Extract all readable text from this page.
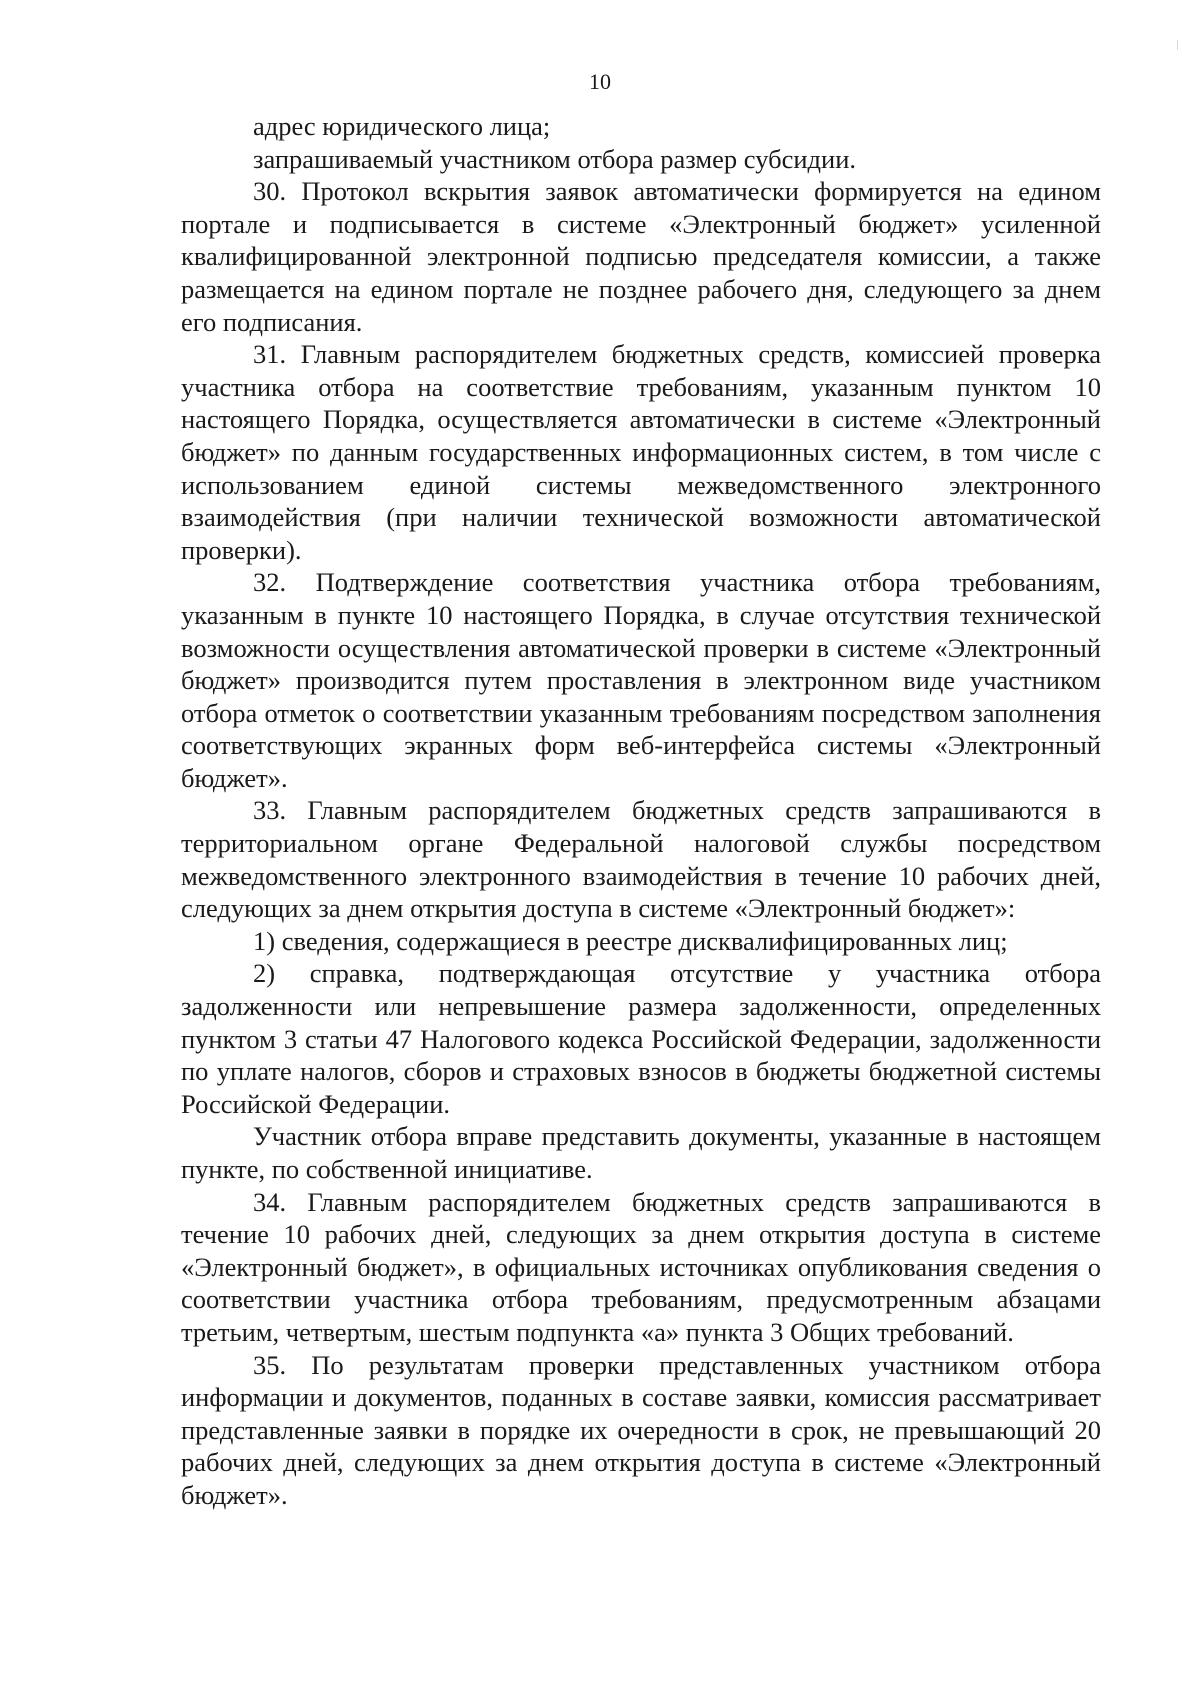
10

адрес юридического лица;

запрашиваемый участником отбора размер субсидии.

30. Протокол вскрытия заявок автоматически формируется на едином портале и подписывается в системе «Электронный бюджет» усиленной квалифицированной электронной подписью председателя комиссии, а также размещается на едином портале не позднее рабочего дня, следующего за днем его подписания.

31. Главным распорядителем бюджетных средств, комиссией проверка участника отбора на соответствие требованиям, указанным пунктом 10 настоящего Порядка, осуществляется автоматически в системе «Электронный бюджет» по данным государственных информационных систем, в том числе с использованием единой системы межведомственного электронного взаимодействия (при наличии технической возможности автоматической проверки).

32. Подтверждение соответствия участника отбора требованиям, указанным в пункте 10 настоящего Порядка, в случае отсутствия технической возможности осуществления автоматической проверки в системе «Электронный бюджет» производится путем проставления в электронном виде участником отбора отметок о соответствии указанным требованиям посредством заполнения соответствующих экранных форм веб-интерфейса системы «Электронный бюджет».

33. Главным распорядителем бюджетных средств запрашиваются в территориальном органе Федеральной налоговой службы посредством межведомственного электронного взаимодействия в течение 10 рабочих дней, следующих за днем открытия доступа в системе «Электронный бюджет»:

1) сведения, содержащиеся в реестре дисквалифицированных лиц;

2) справка, подтверждающая отсутствие у участника отбора задолженности или непревышение размера задолженности, определенных пунктом 3 статьи 47 Налогового кодекса Российской Федерации, задолженности по уплате налогов, сборов и страховых взносов в бюджеты бюджетной системы Российской Федерации.

Участник отбора вправе представить документы, указанные в настоящем пункте, по собственной инициативе.

34. Главным распорядителем бюджетных средств запрашиваются в течение 10 рабочих дней, следующих за днем открытия доступа в системе «Электронный бюджет», в официальных источниках опубликования сведения о соответствии участника отбора требованиям, предусмотренным абзацами третьим, четвертым, шестым подпункта «а» пункта 3 Общих требований.

35. По результатам проверки представленных участником отбора информации и документов, поданных в составе заявки, комиссия рассматривает представленные заявки в порядке их очередности в срок, не превышающий 20 рабочих дней, следующих за днем открытия доступа в системе «Электронный бюджет».
